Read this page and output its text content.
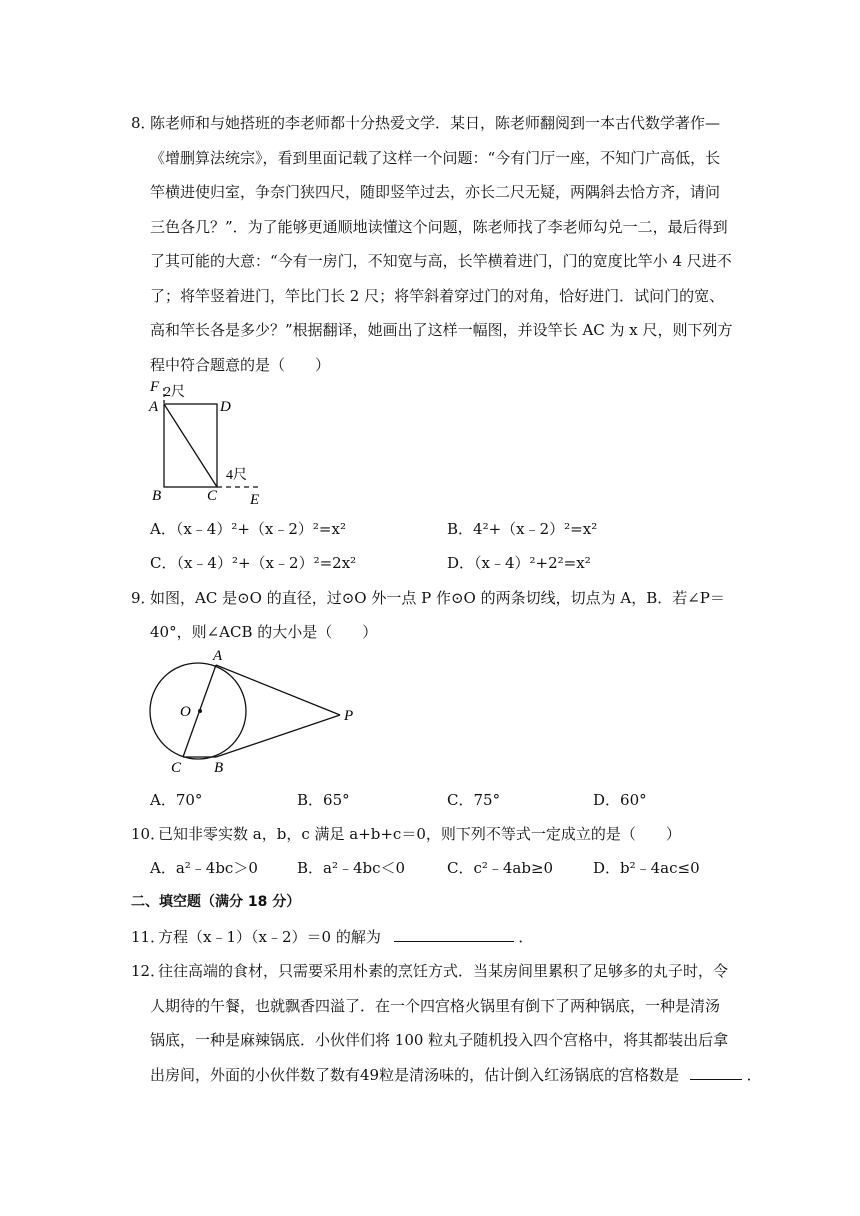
8．
陈老师和与她搭班的李老师都十分热爱文学．某日，陈老师翻阅到一本古代数学著作—
《增删算法统宗》，看到里面记载了这样一个问题：“今有门厅一座，不知门广高低，长
竿横进使归室，争奈门狭四尺，随即竖竿过去，亦长二尺无疑，两隅斜去恰方齐，请问
三色各几？”．为了能够更通顺地读懂这个问题，陈老师找了李老师勾兑一二，最后得到
了其可能的大意：“今有一房门，不知宽与高，长竿横着进门，门的宽度比竿小 4 尺进不
了；将竿竖着进门，竿比门长 2 尺；将竿斜着穿过门的对角，恰好进门．试问门的宽、
高和竿长各是多少？”根据翻译，她画出了这样一幅图，并设竿长 AC 为 x 尺，则下列方
程中符合题意的是（　　）
F 2尺
A	D
4尺
B	C E
A．（x﹣4）²+（x﹣2）²=x²	B．4²+（x﹣2）²=x²
C．（x﹣4）²+（x﹣2）²=2x²	D．（x﹣4）²+2²=x²
9．
如图，AC 是⊙O 的直径，过⊙O 外一点 P 作⊙O 的两条切线，切点为 A，B．若∠P＝
40°，则∠ACB 的大小是（　　）
A
O	P
C B
A．70°	B．65°	C．75°	D．60°
10．
已知非零实数 a，b，c 满足 a+b+c＝0，则下列不等式一定成立的是（　　）
A．a²﹣4bc＞0	B．a²﹣4bc＜0	C．c²﹣4ab≥0	D．b²﹣4ac≤0
二、填空题（满分 18 分）
11．
方程（x﹣1）（x﹣2）＝0 的解为	．
12．
往往高端的食材，只需要采用朴素的烹饪方式．当某房间里累积了足够多的丸子时，令
人期待的午餐，也就飘香四溢了．在一个四宫格火锅里有倒下了两种锅底，一种是清汤
锅底，一种是麻辣锅底．小伙伴们将 100 粒丸子随机投入四个宫格中，将其都装出后拿
出房间，外面的小伙伴数了数有49粒是清汤味的，估计倒入红汤锅底的宫格数是	．
